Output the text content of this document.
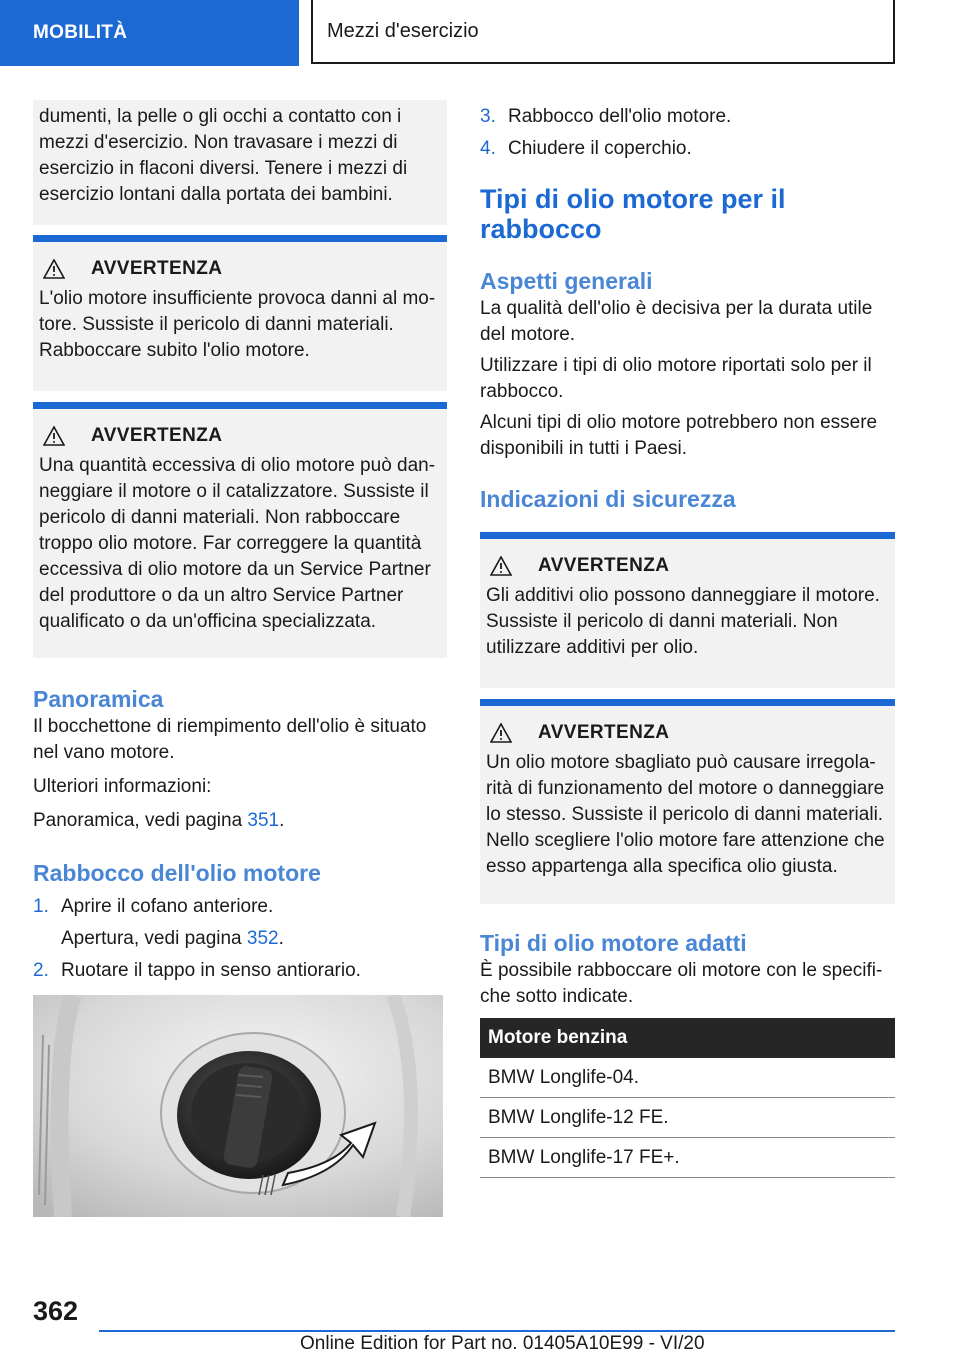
MOBILITÀ	Mezzi d'esercizio

dumenti, la pelle o gli occhi a contatto con i mezzi d'esercizio. Non travasare i mezzi di esercizio in flaconi diversi. Tenere i mezzi di esercizio lontani dalla portata dei bambini.

AVVERTENZA

L'olio motore insufficiente provoca danni al motore. Sussiste il pericolo di danni materiali. Rabboccare subito l'olio motore.

AVVERTENZA

Una quantità eccessiva di olio motore può danneggiare il motore o il catalizzatore. Sussiste il pericolo di danni materiali. Non rabboccare troppo olio motore. Far correggere la quantità eccessiva di olio motore da un Service Partner del produttore o da un altro Service Partner qualificato o da un'officina specializzata.

Panoramica

Il bocchettone di riempimento dell'olio è situato nel vano motore.

Ulteriori informazioni:

Panoramica, vedi pagina 351.

Rabbocco dell'olio motore
1. Aprire il cofano anteriore.

Apertura, vedi pagina 352.

2. Ruotare il tappo in senso antiorario.
3. Rabbocco dell'olio motore.
4. Chiudere il coperchio.
Tipi di olio motore per il rabbocco
Aspetti generali

La qualità dell'olio è decisiva per la durata utile del motore.

Utilizzare i tipi di olio motore riportati solo per il rabbocco.

Alcuni tipi di olio motore potrebbero non essere disponibili in tutti i Paesi.

Indicazioni di sicurezza
AVVERTENZA

Gli additivi olio possono danneggiare il motore. Sussiste il pericolo di danni materiali. Non utilizzare additivi per olio.

AVVERTENZA

Un olio motore sbagliato può causare irregolarità di funzionamento del motore o danneggiare lo stesso. Sussiste il pericolo di danni materiali. Nello scegliere l'olio motore fare attenzione che esso appartenga alla specifica olio giusta.

Tipi di olio motore adatti

È possibile rabboccare oli motore con le specifiche sotto indicate.

Motore benzina
BMW Longlife-04.
BMW Longlife-12 FE.
BMW Longlife-17 FE+.
362
Online Edition for Part no. 01405A10E99 - VI/20
